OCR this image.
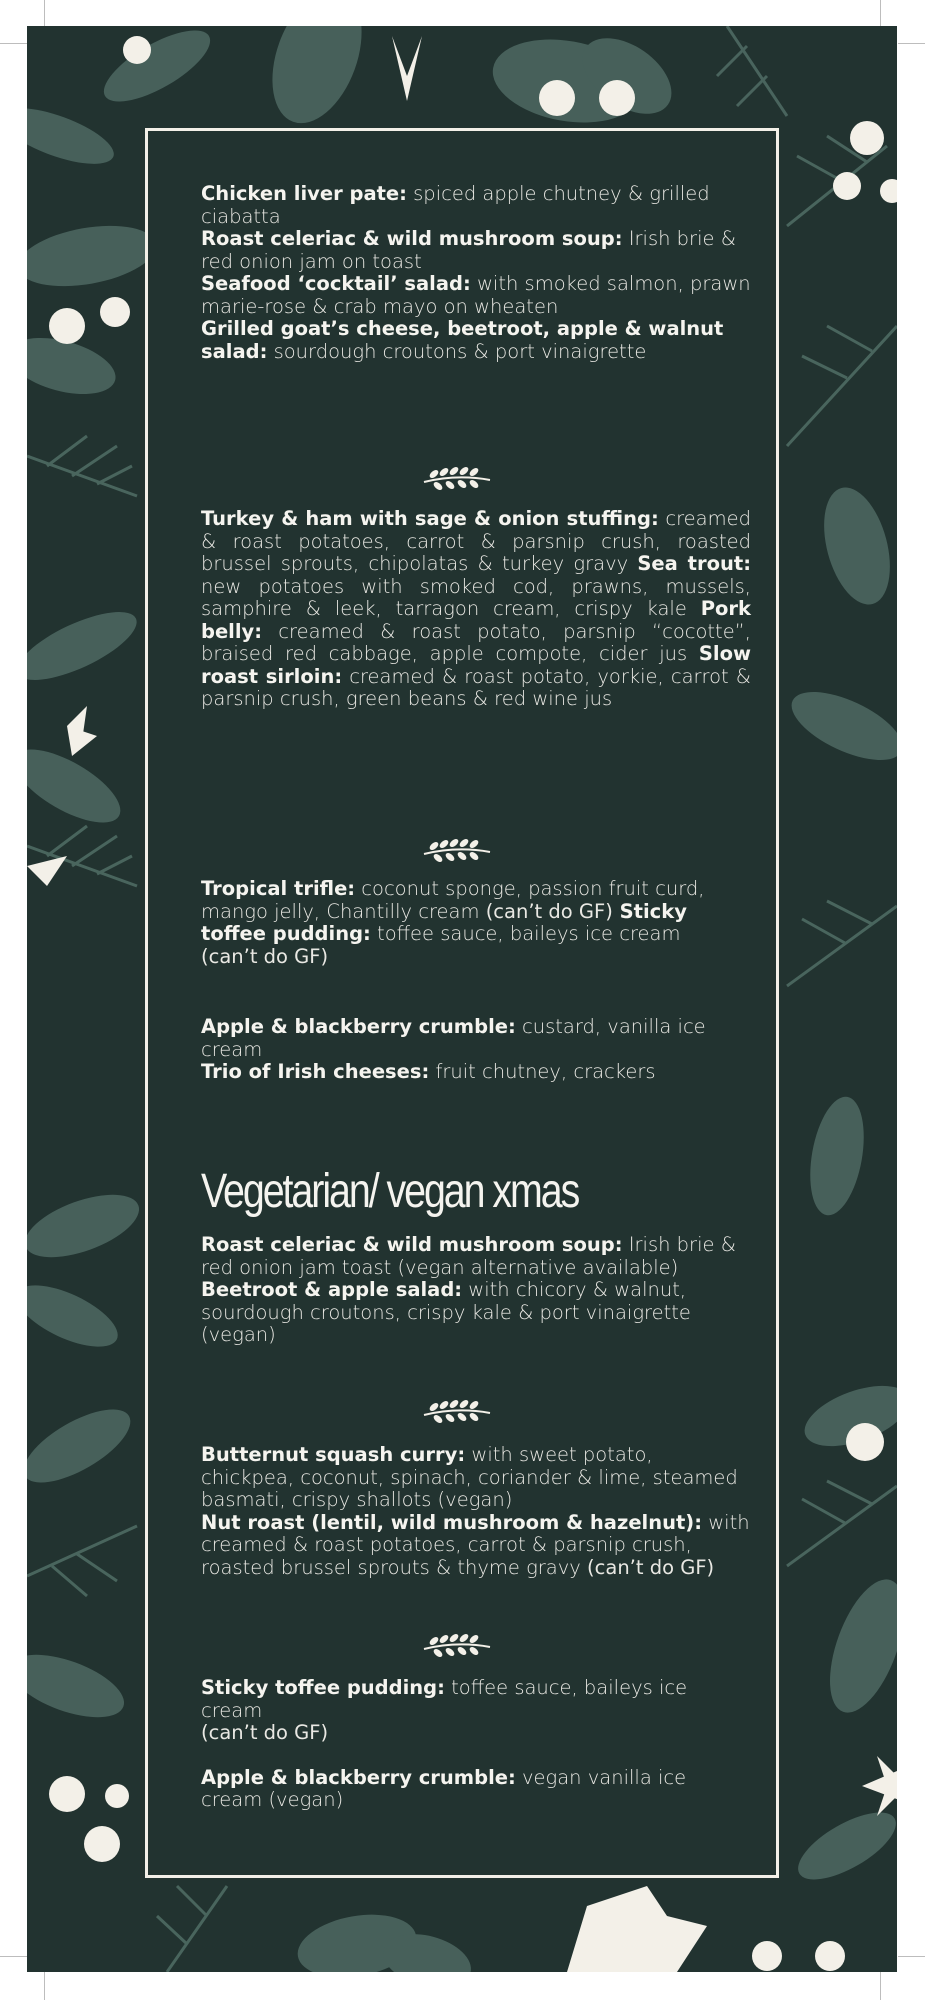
Chicken liver pate: spiced apple chutney & grilled ciabatta

Roast celeriac & wild mushroom soup: Irish brie & red onion jam on toast

Seafood ‘cocktail’ salad: with smoked salmon, prawn marie-rose & crab mayo on wheaten

Grilled goat’s cheese, beetroot, apple & walnut salad: sourdough croutons & port vinaigrette

Turkey & ham with sage & onion stuffing: creamed & roast potatoes, carrot & parsnip crush, roasted brussel sprouts, chipolatas & turkey gravy Sea trout: new potatoes with smoked cod, prawns, mussels, samphire & leek, tarragon cream, crispy kale Pork belly: creamed & roast potato, parsnip “cocotte”, braised red cabbage, apple compote, cider jus Slow roast sirloin: creamed & roast potato, yorkie, carrot & parsnip crush, green beans & red wine jus
Tropical trifle: coconut sponge, passion fruit curd, mango jelly, Chantilly cream (can’t do GF) Sticky toffee pudding: toffee sauce, baileys ice cream
(can’t do GF)

Apple & blackberry crumble: custard, vanilla ice cream

Trio of Irish cheeses: fruit chutney, crackers

Vegetarian/ vegan xmas

Roast celeriac & wild mushroom soup: Irish brie & red onion jam toast (vegan alternative available)

Beetroot & apple salad: with chicory & walnut, sourdough croutons, crispy kale & port vinaigrette (vegan)

Butternut squash curry: with sweet potato, chickpea, coconut, spinach, coriander & lime, steamed basmati, crispy shallots (vegan)

Nut roast (lentil, wild mushroom & hazelnut): with creamed & roast potatoes, carrot & parsnip crush, roasted brussel sprouts & thyme gravy (can’t do GF)

Sticky toffee pudding: toffee sauce, baileys ice cream
(can’t do GF)

Apple & blackberry crumble: vegan vanilla ice cream (vegan)
